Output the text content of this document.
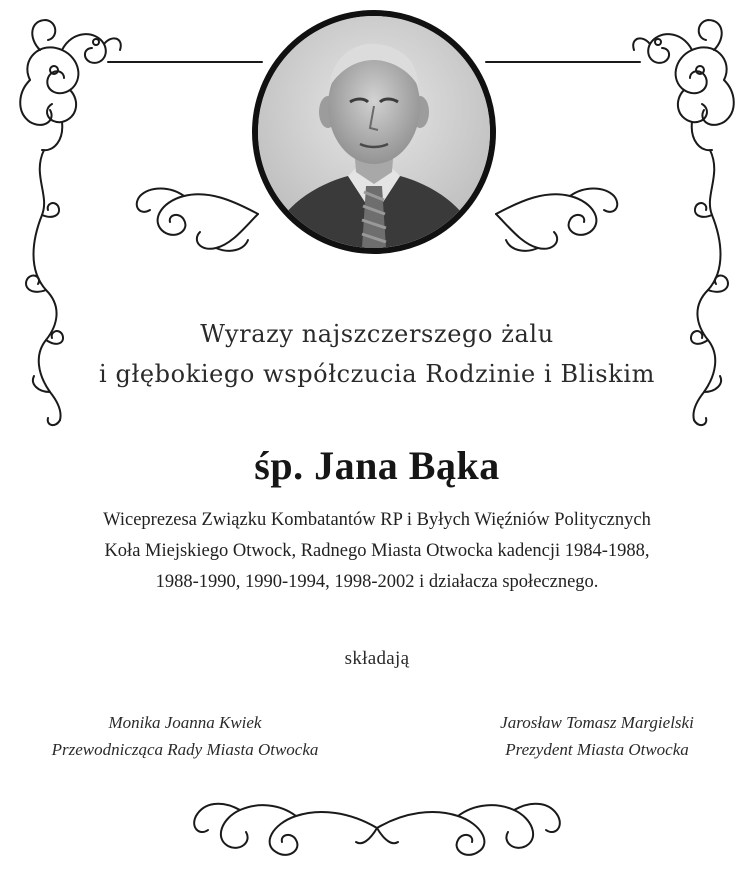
Wyrazy najszczerszego żalu
i głębokiego współczucia Rodzinie i Bliskim
śp. Jana Bąka
Wiceprezesa Związku Kombatantów RP i Byłych Więźniów Politycznych
Koła Miejskiego Otwock, Radnego Miasta Otwocka kadencji 1984-1988,
1988-1990, 1990-1994, 1998-2002 i działacza społecznego.
składają
Monika Joanna Kwiek
Przewodnicząca Rady Miasta Otwocka
Jarosław Tomasz Margielski
Prezydent Miasta Otwocka
